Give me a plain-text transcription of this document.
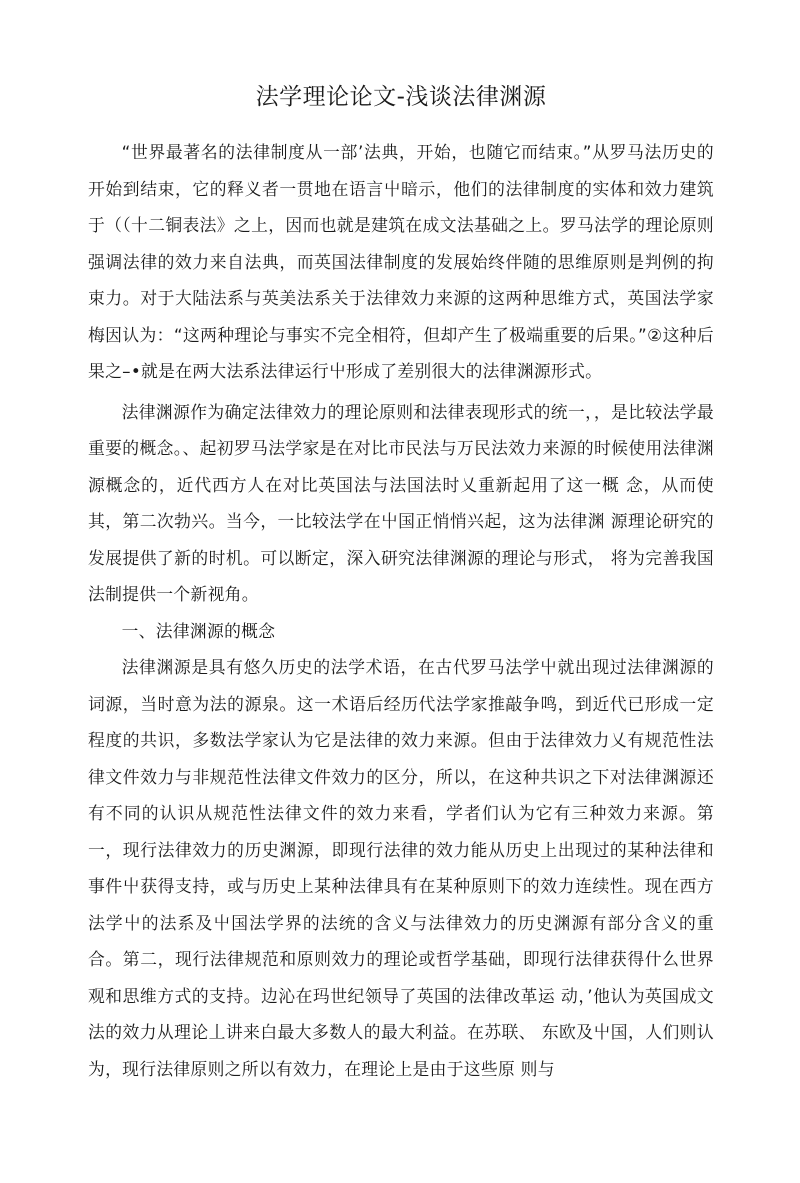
法学理论论文-浅谈法律渊源

“世界最著名的法律制度从一部’法典，开始，也随它而结束。”从罗马法历史的开始到结束，它的释义者一贯地在语言屮暗示，他们的法律制度的实体和效力建筑于（（十二铜表法》之上，因而也就是建筑在成文法基础之上。罗马法学的理论原则强调法律的效力来自法典，而英国法律制度的发展始终伴随的思维原则是判例的拘束力。对于大陆法系与英美法系关于法律效力来源的这两种思维方式，英国法学家梅因认为：“这两种理论与事实不完全相符，但却产生了极端重要的后果。”②这种后果之–•就是在两大法系法律运行屮形成了差别很大的法律渊源形式。

法律渊源作为确定法律效力的理论原则和法律表现形式的统一，，是比较法学最重要的概念。、起初罗马法学家是在对比市民法与万民法效力来源的时候使用法律渊源概念的，近代西方人在对比英国法与法国法时乂重新起用了这一概 念，从而使其，第二次勃兴。当今，一比较法学在屮国正悄悄兴起，这为法律渊 源理论研究的发展提供了新的时机。可以断定，深入研究法律渊源的理论与形式， 将为完善我国法制提供一个新视角。

一、法律渊源的概念

法律渊源是具有悠久历史的法学术语，在古代罗马法学屮就出现过法律渊源的词源，当时意为法的源泉。这一术语后经历代法学家推敲争鸣，到近代已形成一定程度的共识，多数法学家认为它是法律的效力来源。但由于法律效力乂有规范性法律文件效力与非规范性法律文件效力的区分，所以，在这种共识之下对法律渊源还有不同的认识从规范性法律文件的效力来看，学者们认为它有三种效力来源。第一，现行法律效力的历史渊源，即现行法律的效力能从历史上出现过的某种法律和事件屮获得支持，或与历史上某种法律具有在某种原则下的效力连续性。现在西方法学屮的法系及屮国法学界的法统的含义与法律效力的历史渊源有部分含义的重合。第二，现行法律规范和原则效力的理论或哲学基础，即现行法律获得什么世界观和思维方式的支持。边沁在玛世纪领导了英国的法律改革运 动，’他认为英国成文法的效力从理论丄讲来白最大多数人的最大利益。在苏联、 东欧及屮国，人们则认为，现行法律原则之所以有效力，在理论上是由于这些原 则与
